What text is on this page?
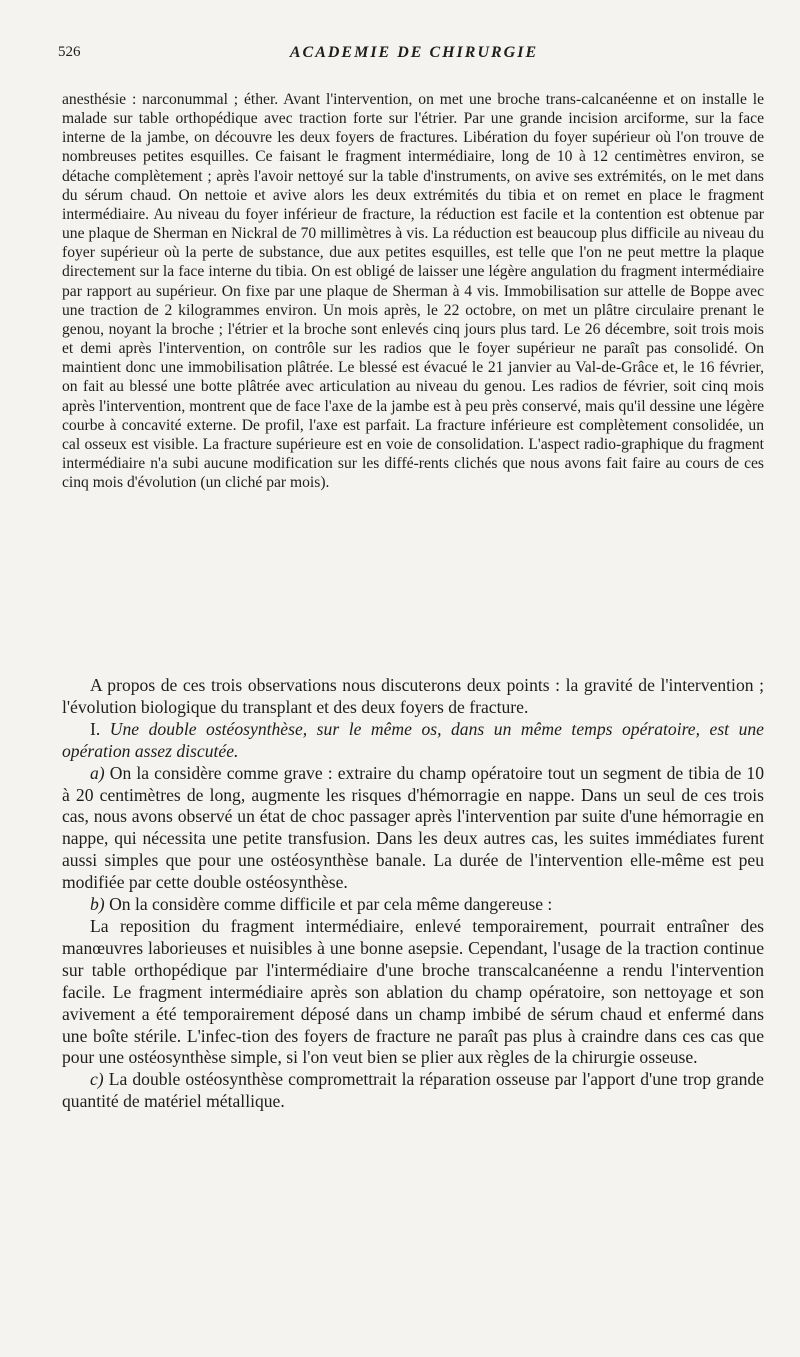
526	ACADEMIE DE CHIRURGIE

anesthésie : narconummal ; éther. Avant l'intervention, on met une broche trans-calcanéenne et on installe le malade sur table orthopédique avec traction forte sur l'étrier. Par une grande incision arciforme, sur la face interne de la jambe, on découvre les deux foyers de fractures. Libération du foyer supérieur où l'on trouve de nombreuses petites esquilles. Ce faisant le fragment intermédiaire, long de 10 à 12 centimètres environ, se détache complètement ; après l'avoir nettoyé sur la table d'instruments, on avive ses extrémités, on le met dans du sérum chaud. On nettoie et avive alors les deux extrémités du tibia et on remet en place le fragment intermédiaire. Au niveau du foyer inférieur de fracture, la réduction est facile et la contention est obtenue par une plaque de Sherman en Nickral de 70 millimètres à vis. La réduction est beaucoup plus difficile au niveau du foyer supérieur où la perte de substance, due aux petites esquilles, est telle que l'on ne peut mettre la plaque directement sur la face interne du tibia. On est obligé de laisser une légère angulation du fragment intermédiaire par rapport au supérieur. On fixe par une plaque de Sherman à 4 vis. Immobilisation sur attelle de Boppe avec une traction de 2 kilogrammes environ. Un mois après, le 22 octobre, on met un plâtre circulaire prenant le genou, noyant la broche ; l'étrier et la broche sont enlevés cinq jours plus tard. Le 26 décembre, soit trois mois et demi après l'intervention, on contrôle sur les radios que le foyer supérieur ne paraît pas consolidé. On maintient donc une immobilisation plâtrée. Le blessé est évacué le 21 janvier au Val-de-Grâce et, le 16 février, on fait au blessé une botte plâtrée avec articulation au niveau du genou. Les radios de février, soit cinq mois après l'intervention, montrent que de face l'axe de la jambe est à peu près conservé, mais qu'il dessine une légère courbe à concavité externe. De profil, l'axe est parfait. La fracture inférieure est complètement consolidée, un cal osseux est visible. La fracture supérieure est en voie de consolidation. L'aspect radio-graphique du fragment intermédiaire n'a subi aucune modification sur les diffé-rents clichés que nous avons fait faire au cours de ces cinq mois d'évolution (un cliché par mois).

A propos de ces trois observations nous discuterons deux points : la gravité de l'intervention ; l'évolution biologique du transplant et des deux foyers de fracture.

I. Une double ostéosynthèse, sur le même os, dans un même temps opératoire, est une opération assez discutée.

a) On la considère comme grave : extraire du champ opératoire tout un segment de tibia de 10 à 20 centimètres de long, augmente les risques d'hémorragie en nappe. Dans un seul de ces trois cas, nous avons observé un état de choc passager après l'intervention par suite d'une hémorragie en nappe, qui nécessita une petite transfusion. Dans les deux autres cas, les suites immédiates furent aussi simples que pour une ostéosynthèse banale. La durée de l'intervention elle-même est peu modifiée par cette double ostéosynthèse.

b) On la considère comme difficile et par cela même dangereuse :

La reposition du fragment intermédiaire, enlevé temporairement, pourrait entraîner des manœuvres laborieuses et nuisibles à une bonne asepsie. Cependant, l'usage de la traction continue sur table orthopédique par l'intermédiaire d'une broche transcalcanéenne a rendu l'intervention facile. Le fragment intermédiaire après son ablation du champ opératoire, son nettoyage et son avivement a été temporairement déposé dans un champ imbibé de sérum chaud et enfermé dans une boîte stérile. L'infec-tion des foyers de fracture ne paraît pas plus à craindre dans ces cas que pour une ostéosynthèse simple, si l'on veut bien se plier aux règles de la chirurgie osseuse.

c) La double ostéosynthèse compromettrait la réparation osseuse par l'apport d'une trop grande quantité de matériel métallique.
